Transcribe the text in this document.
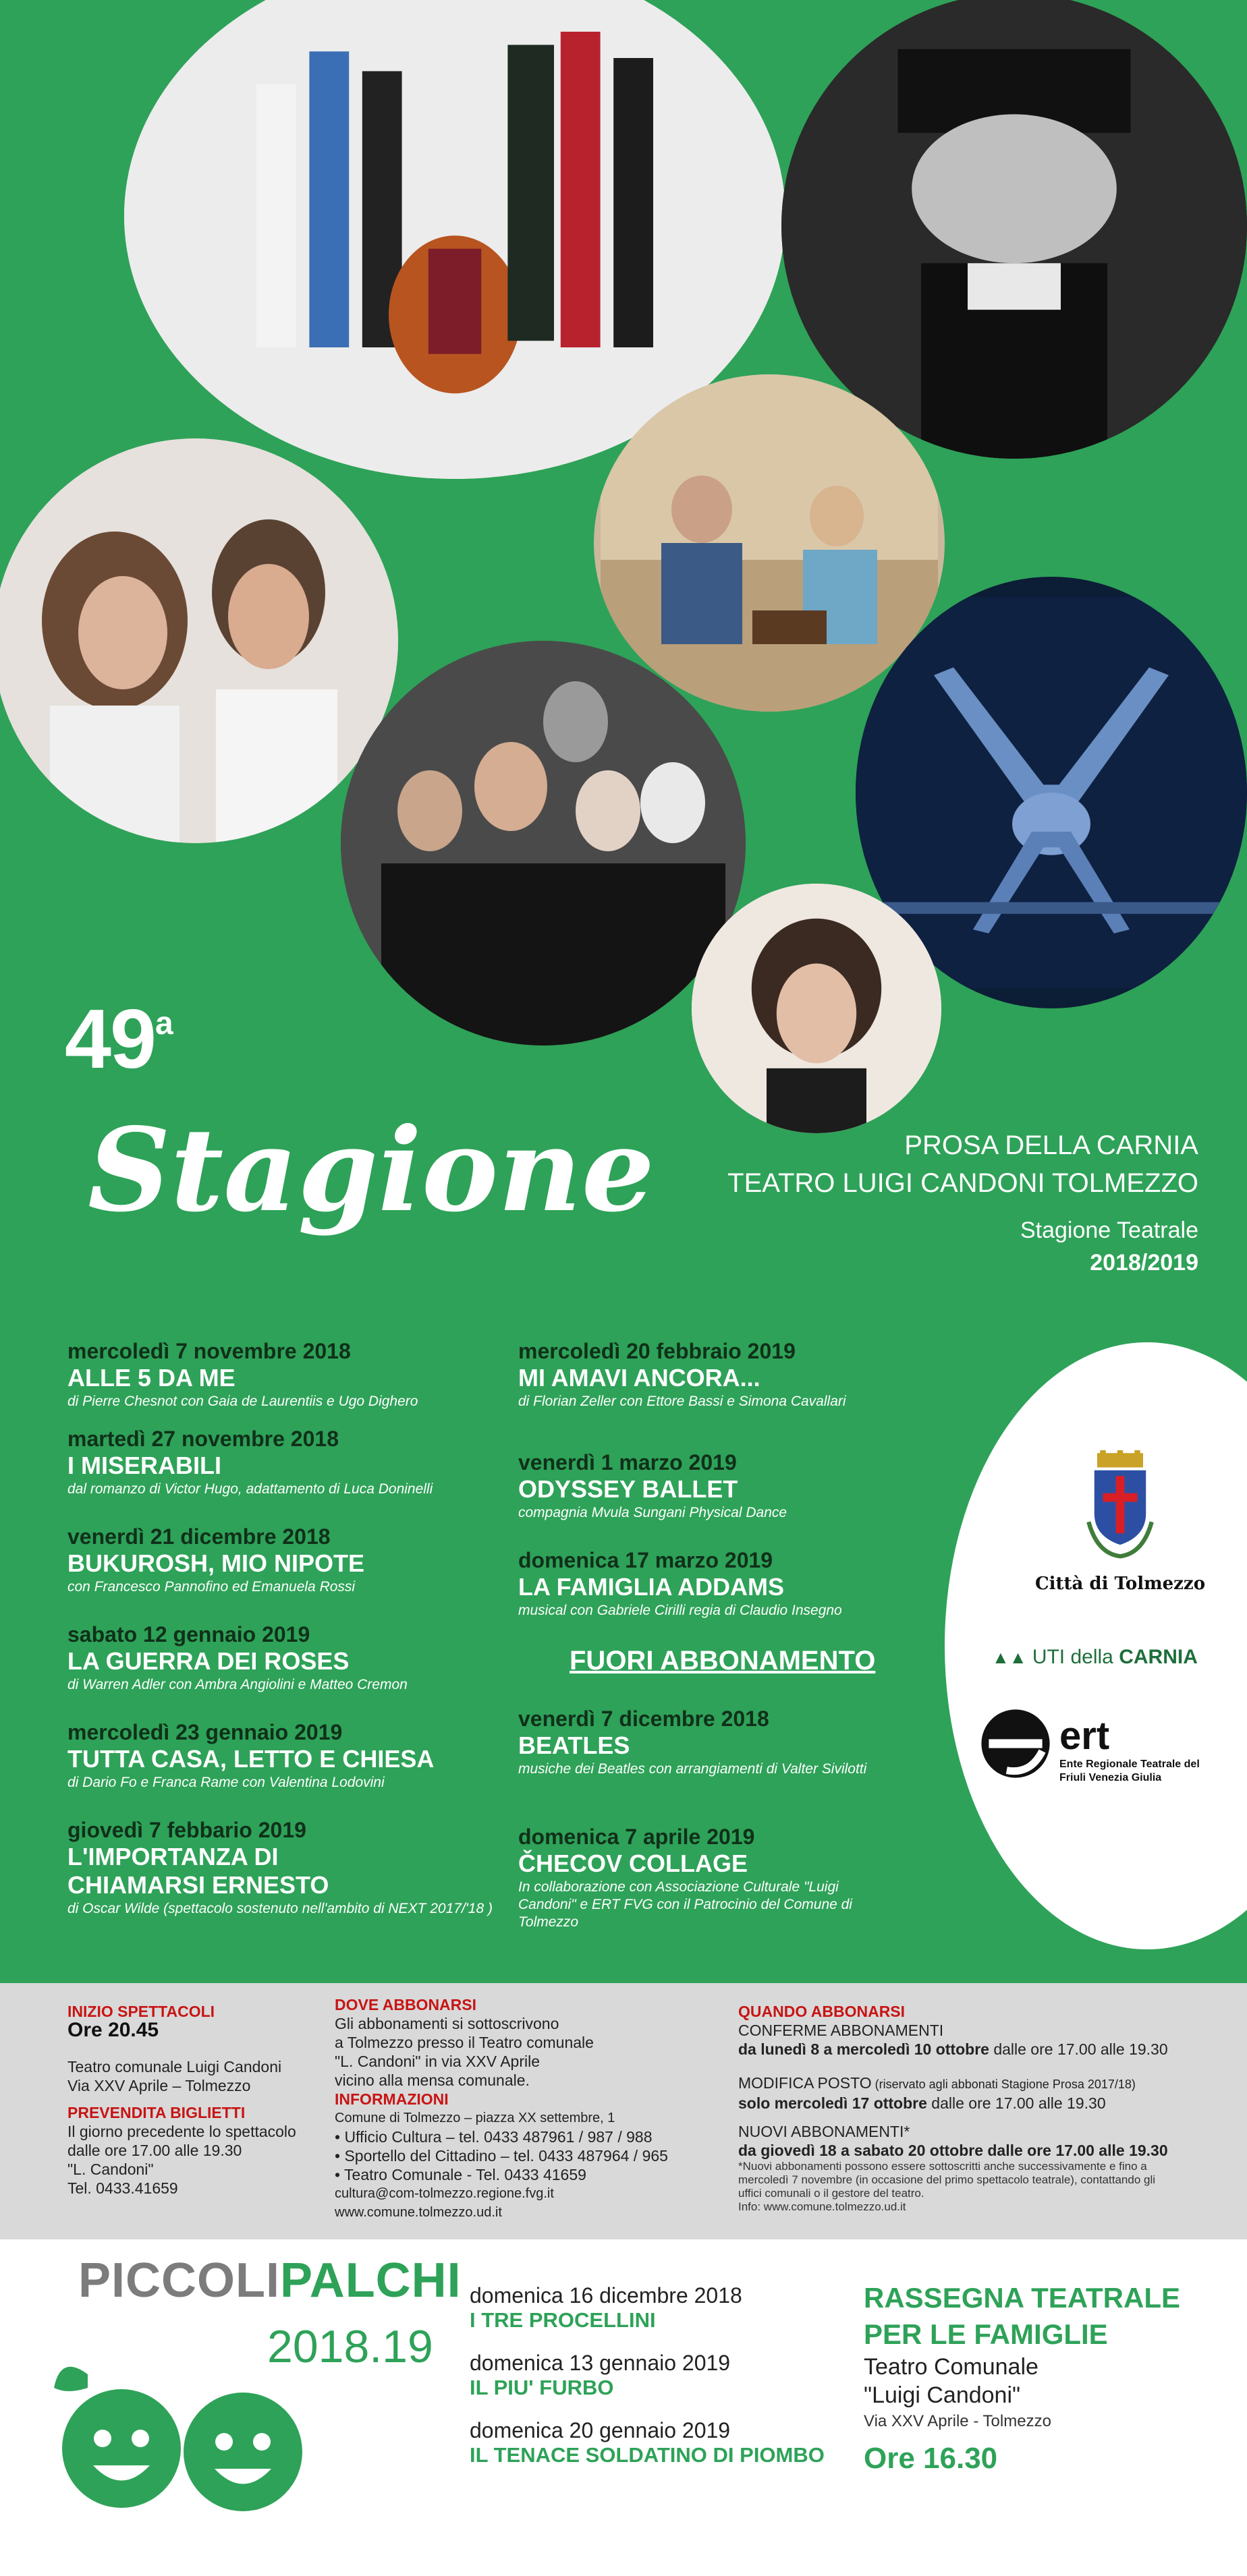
49$^a$
Stagione	PROSA DELLA CARNIA
TEATRO LUIGI CANDONI TOLMEZZO
Stagione Teatrale
2018/2019
mercoledì 7 novembre 2018
ALLE 5 DA ME
di Pierre Chesnot con Gaia de Laurentiis e Ugo Dighero
martedì 27 novembre 2018
I MISERABILI
dal romanzo di Victor Hugo, adattamento di Luca Doninelli
venerdì 21 dicembre 2018
BUKUROSH, MIO NIPOTE
con Francesco Pannofino ed Emanuela Rossi
sabato 12 gennaio 2019
LA GUERRA DEI ROSES
di Warren Adler con Ambra Angiolini e Matteo Cremon
mercoledì 23 gennaio 2019
TUTTA CASA, LETTO E CHIESA
di Dario Fo e Franca Rame con Valentina Lodovini
giovedì 7 febbario 2019
L'IMPORTANZA DI
CHIAMARSI ERNESTO
di Oscar Wilde (spettacolo sostenuto nell'ambito di NEXT 2017/'18 )
mercoledì 20 febbraio 2019
MI AMAVI ANCORA...
di Florian Zeller con Ettore Bassi e Simona Cavallari
venerdì 1 marzo 2019
ODYSSEY BALLET
compagnia Mvula Sungani Physical Dance
domenica 17 marzo 2019
LA FAMIGLIA ADDAMS
musical con Gabriele Cirilli regia di Claudio Insegno
FUORI ABBONAMENTO
venerdì 7 dicembre 2018
BEATLES
musiche dei Beatles con arrangiamenti di Valter Sivilotti
domenica 7 aprile 2019
ČHECOV COLLAGE
In collaborazione con Associazione Culturale "Luigi
Candoni" e ERT FVG con il Patrocinio del Comune di
Tolmezzo
Città di Tolmezzo
▲▲ UTI della CARNIA
ert
Ente Regionale Teatrale del Friuli Venezia Giulia
INIZIO SPETTACOLI
Ore 20.45
Teatro comunale Luigi Candoni
Via XXV Aprile – Tolmezzo
PREVENDITA BIGLIETTI
Il giorno precedente lo spettacolo
dalle ore 17.00 alle 19.30
"L. Candoni"
Tel. 0433.41659
DOVE ABBONARSI
Gli abbonamenti si sottoscrivono
a Tolmezzo presso il Teatro comunale
"L. Candoni" in via XXV Aprile
vicino alla mensa comunale.
INFORMAZIONI
Comune di Tolmezzo – piazza XX settembre, 1
• Ufficio Cultura – tel. 0433 487961 / 987 / 988
• Sportello del Cittadino – tel. 0433 487964 / 965
• Teatro Comunale - Tel. 0433 41659
cultura@com-tolmezzo.regione.fvg.it
www.comune.tolmezzo.ud.it
QUANDO ABBONARSI
CONFERME ABBONAMENTI
da lunedì 8 a mercoledì 10 ottobre dalle ore 17.00 alle 19.30
MODIFICA POSTO (riservato agli abbonati Stagione Prosa 2017/18)
solo mercoledì 17 ottobre dalle ore 17.00 alle 19.30
NUOVI ABBONAMENTI*
da giovedì 18 a sabato 20 ottobre dalle ore 17.00 alle 19.30
*Nuovi abbonamenti possono essere sottoscritti anche successivamente e fino a
mercoledì 7 novembre (in occasione del primo spettacolo teatrale), contattando gli
uffici comunali o il gestore del teatro.
Info: www.comune.tolmezzo.ud.it
PICCOLIPALCHI
2018.19
domenica 16 dicembre 2018
I TRE PROCELLINI
domenica 13 gennaio 2019
IL PIU' FURBO
domenica 20 gennaio 2019
IL TENACE SOLDATINO DI PIOMBO
RASSEGNA TEATRALE
PER LE FAMIGLIE
Teatro Comunale
"Luigi Candoni"
Via XXV Aprile - Tolmezzo
Ore 16.30
